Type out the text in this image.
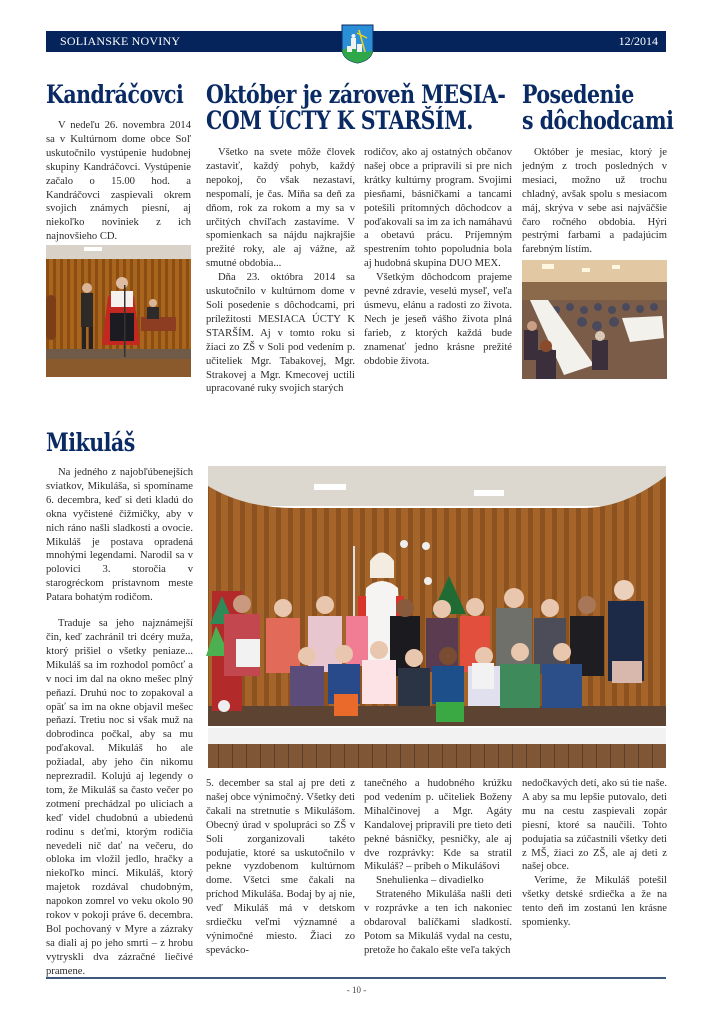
SOLIANSKE NOVINY	12/2014
Kandráčovci

V nedeľu 26. novembra 2014 sa v Kultúrnom dome obce Soľ uskutočnilo vystúpenie hudobnej skupiny Kandráčovci. Vystúpenie začalo o 15.00 hod. a Kandráčovci zaspievali okrem svojich známych piesní, aj niekoľko noviniek z ich najnovšieho CD.

Október je zároveň MESIA-
COM ÚCTY K STARŠÍM.

Všetko na svete môže človek zastaviť, každý pohyb, každý nepokoj, čo však nezastaví, nespomalí, je čas. Míňa sa deň za dňom, rok za rokom a my sa v určitých chvíľach zastavíme. V spomienkach sa nájdu najkrajšie prežité roky, ale aj vážne, až smutné obdobia...

Dňa 23. októbra 2014 sa uskutočnilo v kultúrnom dome v Soli posedenie s dôchodcami, pri príležitosti MESIACA ÚCTY K STARŠÍM. Aj v tomto roku si žiaci zo ZŠ v Soli pod vedením p. učiteliek Mgr. Tabakovej, Mgr. Strakovej a Mgr. Kmecovej uctili upracované ruky svojich starých

rodičov, ako aj ostatných občanov našej obce a pripravili si pre nich krátky kultúrny program. Svojimi piesňami, básničkami a tancami potešili prítomných dôchodcov a poďakovali sa im za ich namáhavú a obetavú prácu. Príjemným spestrením tohto popoludnia bola aj hudobná skupina DUO MEX.

Všetkým dôchodcom prajeme pevné zdravie, veselú myseľ, veľa úsmevu, elánu a radosti zo života. Nech je jeseň vášho života plná farieb, z ktorých každá bude znamenať jedno krásne prežité obdobie života.

Posedenie
s dôchodcami

Október je mesiac, ktorý je jedným z troch posledných v mesiaci, možno už trochu chladný, avšak spolu s mesiacom máj, skrýva v sebe asi najväčšie čaro ročného obdobia. Hýri pestrými farbami a padajúcim farebným lístím.

Mikuláš

Na jedného z najobľúbenejších sviatkov, Mikuláša, si spomíname 6. decembra, keď si deti kladú do okna vyčistené čižmičky, aby v nich ráno našli sladkosti a ovocie. Mikuláš je postava opradená mnohými legendami. Narodil sa v polovici 3. storočia v starogréckom prístavnom meste Patara bohatým rodičom.

Traduje sa jeho najznámejší čin, keď zachránil tri dcéry muža, ktorý prišiel o všetky peniaze... Mikuláš sa im rozhodol pomôcť a v noci im dal na okno mešec plný peňazí. Druhú noc to zopakoval a opäť sa im na okne objavil mešec peňazí. Tretiu noc si však muž na dobrodinca počkal, aby sa mu poďakoval. Mikuláš ho ale požiadal, aby jeho čin nikomu neprezradil. Kolujú aj legendy o tom, že Mikuláš sa často večer po zotmení prechádzal po uliciach a keď videl chudobnú a ubiedenú rodinu s deťmi, ktorým rodičia nevedeli nič dať na večeru, do obloka im vložil jedlo, hračky a niekoľko mincí. Mikuláš, ktorý majetok rozdával chudobným, napokon zomrel vo veku okolo 90 rokov v pokoji práve 6. decembra. Bol pochovaný v Myre a zázraky sa diali aj po jeho smrti – z hrobu vytryskli dva zázračné liečivé pramene.

5. december sa stal aj pre deti z našej obce výnimočný. Všetky deti čakali na stretnutie s Mikulášom. Obecný úrad v spolupráci so ZŠ v Soli zorganizovali takéto podujatie, ktoré sa uskutočnilo v pekne vyzdobenom kultúrnom dome. Všetci sme čakali na príchod Mikuláša. Bodaj by aj nie, veď Mikuláš má v detskom srdiečku veľmi významné a výnimočné miesto. Žiaci zo spevácko-

tanečného a hudobného krúžku pod vedením p. učiteliek Boženy Mihalčinovej a Mgr. Agáty Kandalovej pripravili pre tieto deti pekné básničky, pesničky, ale aj dve rozprávky: Kde sa stratil Mikuláš? – príbeh o Mikulášovi

Snehulienka – divadielko

Strateného Mikuláša našli deti v rozprávke a ten ich nakoniec obdaroval balíčkami sladkostí. Potom sa Mikuláš vydal na cestu, pretože ho čakalo ešte veľa takých

nedočkavých detí, ako sú tie naše. A aby sa mu lepšie putovalo, deti mu na cestu zaspievali zopár piesní, ktoré sa naučili. Tohto podujatia sa zúčastnili všetky deti z MŠ, žiaci zo ZŠ, ale aj deti z našej obce.

Veríme, že Mikuláš potešil všetky detské srdiečka a že na tento deň im zostanú len krásne spomienky.

- 10 -
